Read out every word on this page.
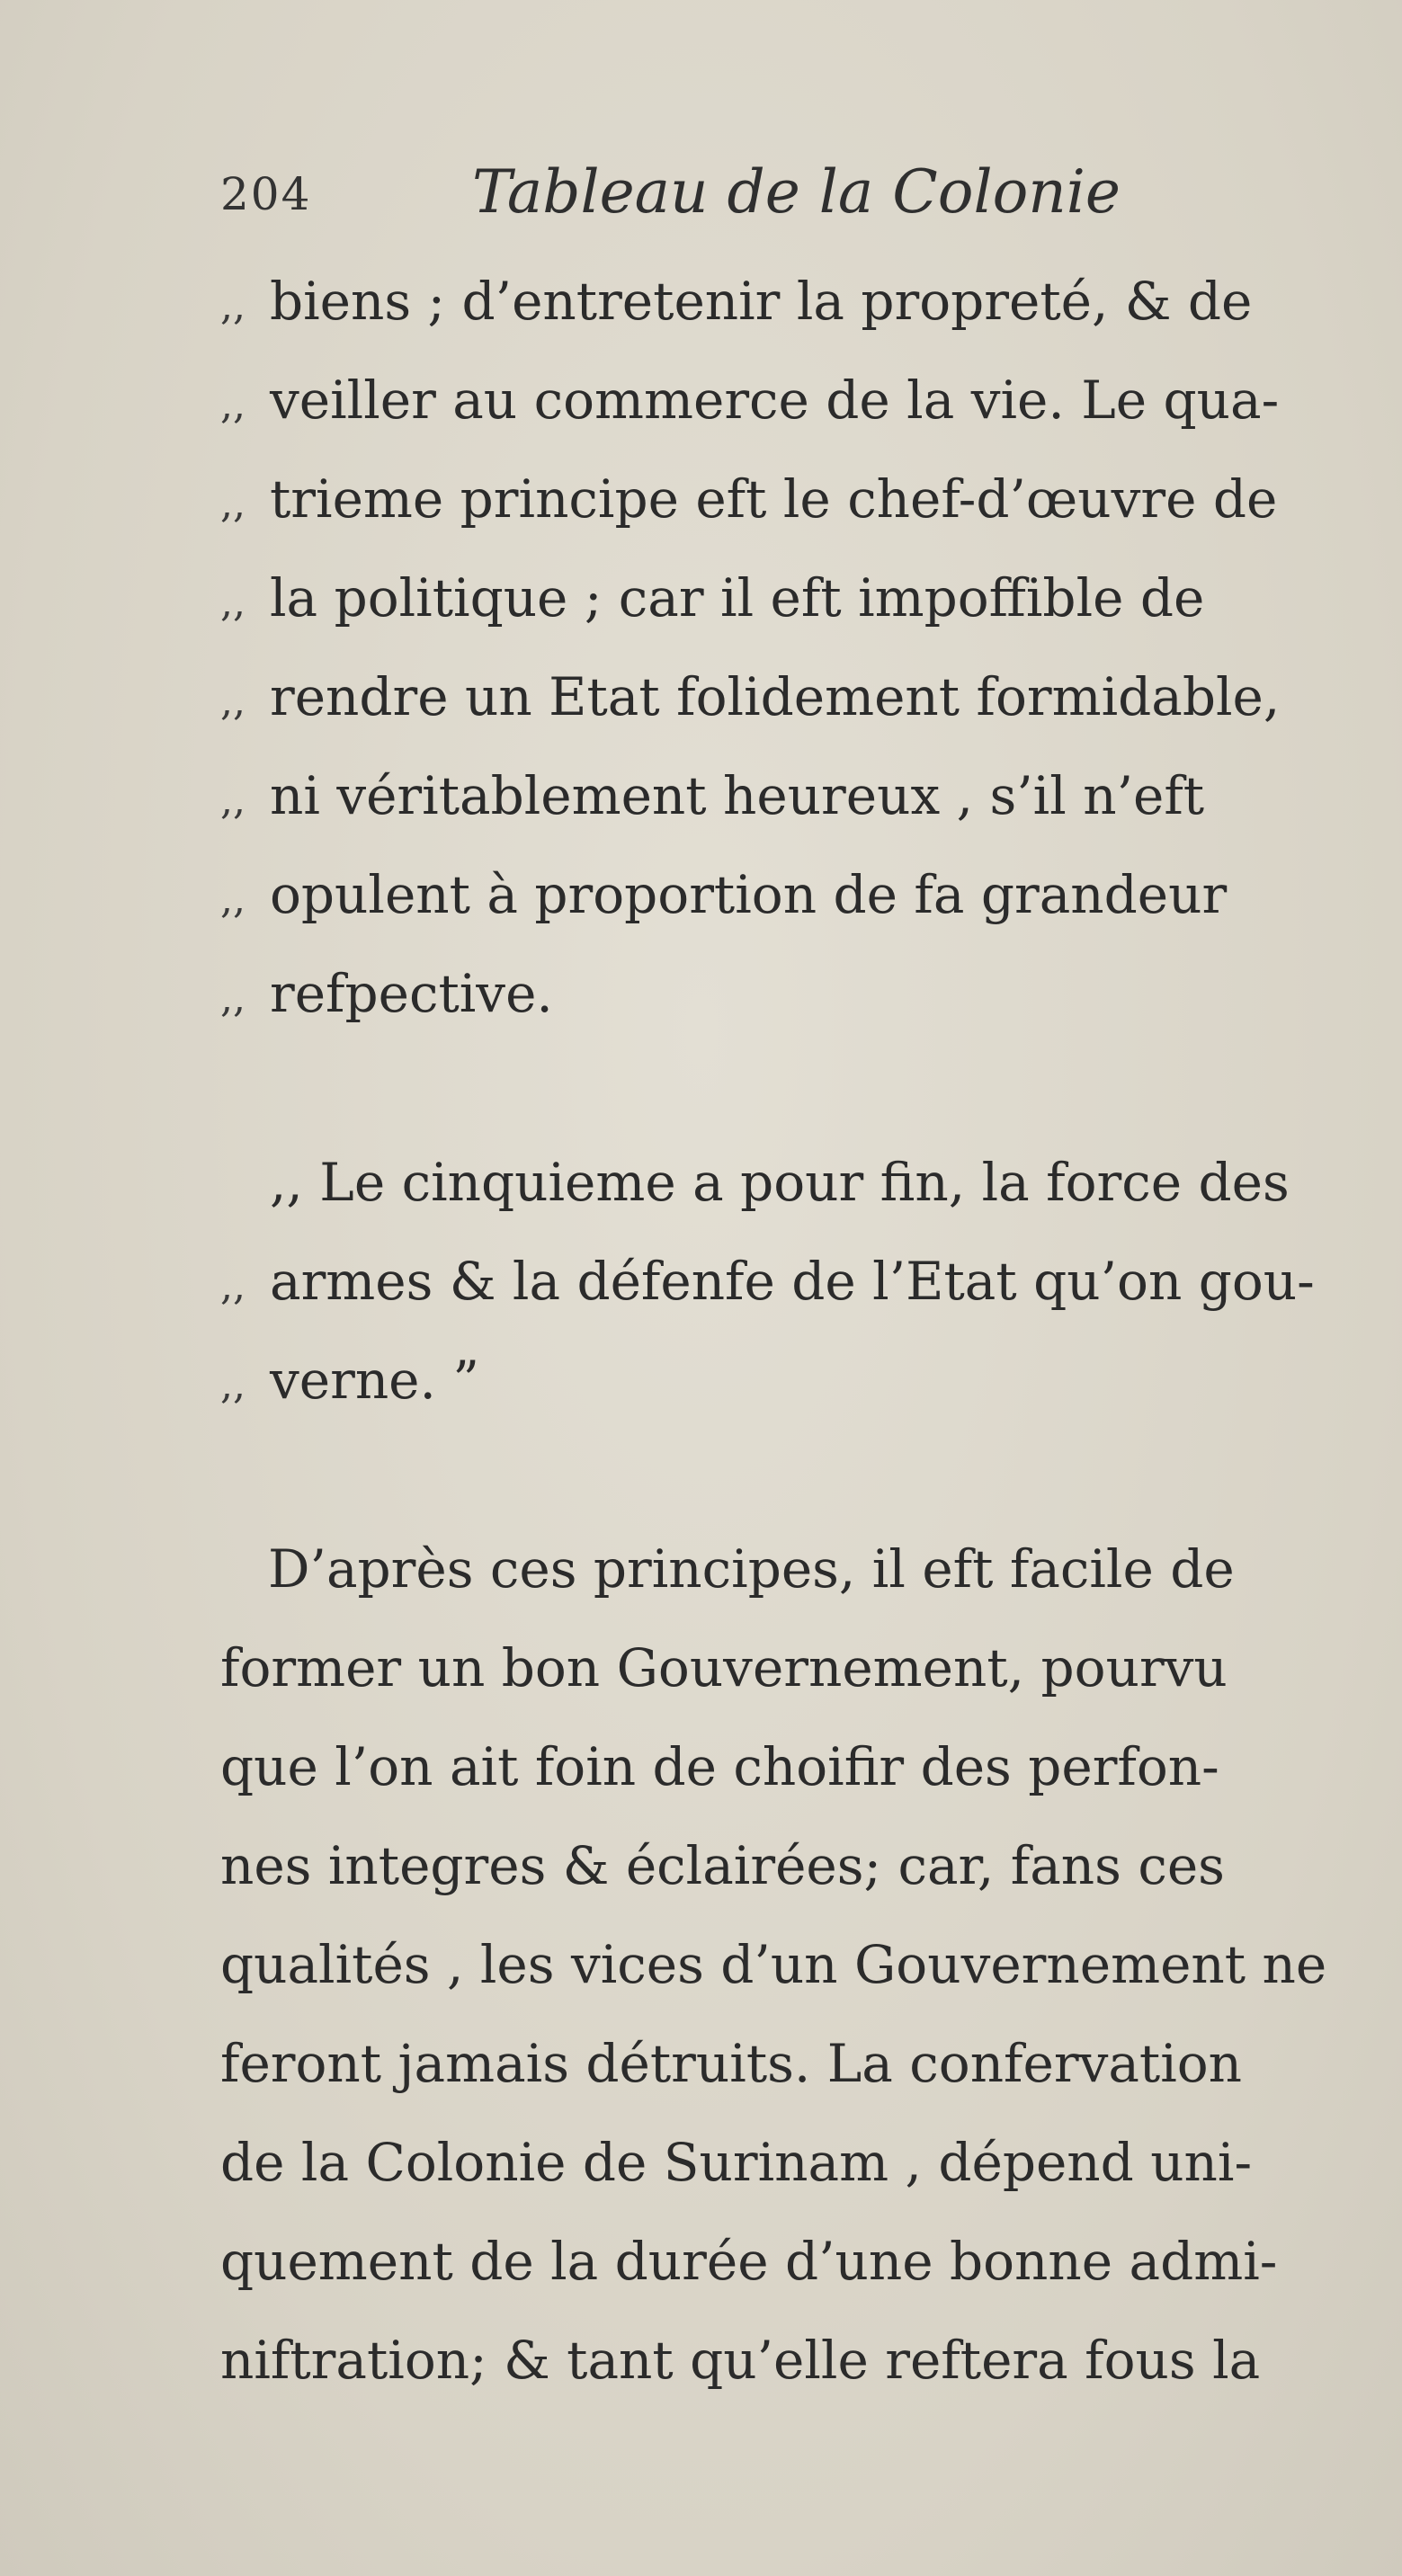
204	Tableau de la Colonie
,, biens ; d’entretenir la propreté, & de
,, veiller au commerce de la vie. Le qua-
,, trieme principe eft le chef-d’œuvre de
,, la politique ; car il eft impoffible de
,, rendre un Etat folidement formidable,
,, ni véritablement heureux , s’il n’eft
,, opulent à proportion de fa grandeur
,, refpective.
,, Le cinquieme a pour fin, la force des
,, armes & la défenfe de l’Etat qu’on gou-
,, verne. ”
D’après ces principes, il eft facile de
former un bon Gouvernement, pourvu
que l’on ait foin de choifir des perfon-
nes integres & éclairées; car, fans ces
qualités , les vices d’un Gouvernement ne
feront jamais détruits. La confervation
de la Colonie de Surinam , dépend uni-
quement de la durée d’une bonne admi-
niftration; & tant qu’elle reftera fous la
